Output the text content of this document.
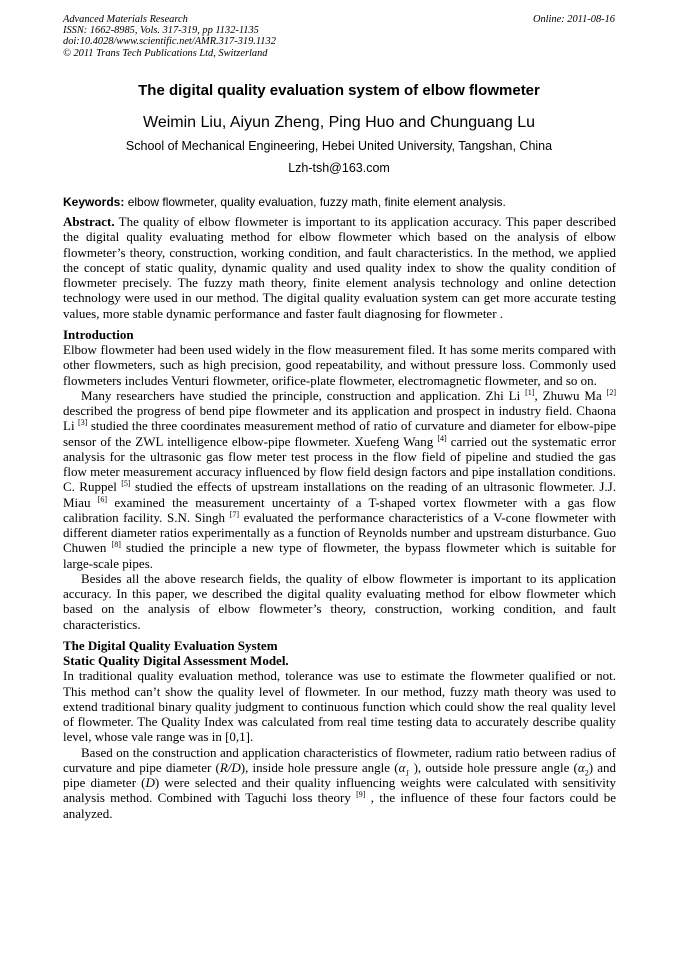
Advanced Materials Research
ISSN: 1662-8985, Vols. 317-319, pp 1132-1135
doi:10.4028/www.scientific.net/AMR.317-319.1132
© 2011 Trans Tech Publications Ltd, Switzerland
Online: 2011-08-16
The digital quality evaluation system of elbow flowmeter
Weimin Liu, Aiyun Zheng, Ping Huo and Chunguang Lu
School of Mechanical Engineering, Hebei United University, Tangshan, China
Lzh-tsh@163.com
Keywords: elbow flowmeter, quality evaluation, fuzzy math, finite element analysis.

Abstract. The quality of elbow flowmeter is important to its application accuracy. This paper described the digital quality evaluating method for elbow flowmeter which based on the analysis of elbow flowmeter’s theory, construction, working condition, and fault characteristics. In the method, we applied the concept of static quality, dynamic quality and used quality index to show the quality condition of flowmeter precisely. The fuzzy math theory, finite element analysis technology and online detection technology were used in our method. The digital quality evaluation system can get more accurate testing values, more stable dynamic performance and faster fault diagnosing for flowmeter .

Introduction

Elbow flowmeter had been used widely in the flow measurement filed. It has some merits compared with other flowmeters, such as high precision, good repeatability, and without pressure loss. Commonly used flowmeters includes Venturi flowmeter, orifice-plate flowmeter, electromagnetic flowmeter, and so on.

Many researchers have studied the principle, construction and application. Zhi Li [1], Zhuwu Ma [2] described the progress of bend pipe flowmeter and its application and prospect in industry field. Chaona Li [3] studied the three coordinates measurement method of ratio of curvature and diameter for elbow-pipe sensor of the ZWL intelligence elbow-pipe flowmeter. Xuefeng Wang [4] carried out the systematic error analysis for the ultrasonic gas flow meter test process in the flow field of pipeline and studied the gas flow meter measurement accuracy influenced by flow field design factors and pipe installation conditions. C. Ruppel [5] studied the effects of upstream installations on the reading of an ultrasonic flowmeter. J.J. Miau [6] examined the measurement uncertainty of a T-shaped vortex flowmeter with a gas flow calibration facility. S.N. Singh [7] evaluated the performance characteristics of a V-cone flowmeter with different diameter ratios experimentally as a function of Reynolds number and upstream disturbance. Guo Chuwen [8] studied the principle a new type of flowmeter, the bypass flowmeter which is suitable for large-scale pipes.

Besides all the above research fields, the quality of elbow flowmeter is important to its application accuracy. In this paper, we described the digital quality evaluating method for elbow flowmeter which based on the analysis of elbow flowmeter’s theory, construction, working condition, and fault characteristics.

The Digital Quality Evaluation System
Static Quality Digital Assessment Model.

In traditional quality evaluation method, tolerance was use to estimate the flowmeter qualified or not. This method can’t show the quality level of flowmeter. In our method, fuzzy math theory was used to extend traditional binary quality judgment to continuous function which could show the real quality level of flowmeter. The Quality Index was calculated from real time testing data to accurately describe quality level, whose vale range was in [0,1].

Based on the construction and application characteristics of flowmeter, radium ratio between radius of curvature and pipe diameter (R/D), inside hole pressure angle ($\alpha_1$ ), outside hole pressure angle $(\alpha_2)$ and pipe diameter (D) were selected and their quality influencing weights were calculated with sensitivity analysis method. Combined with Taguchi loss theory [9] , the influence of these four factors could be analyzed.
